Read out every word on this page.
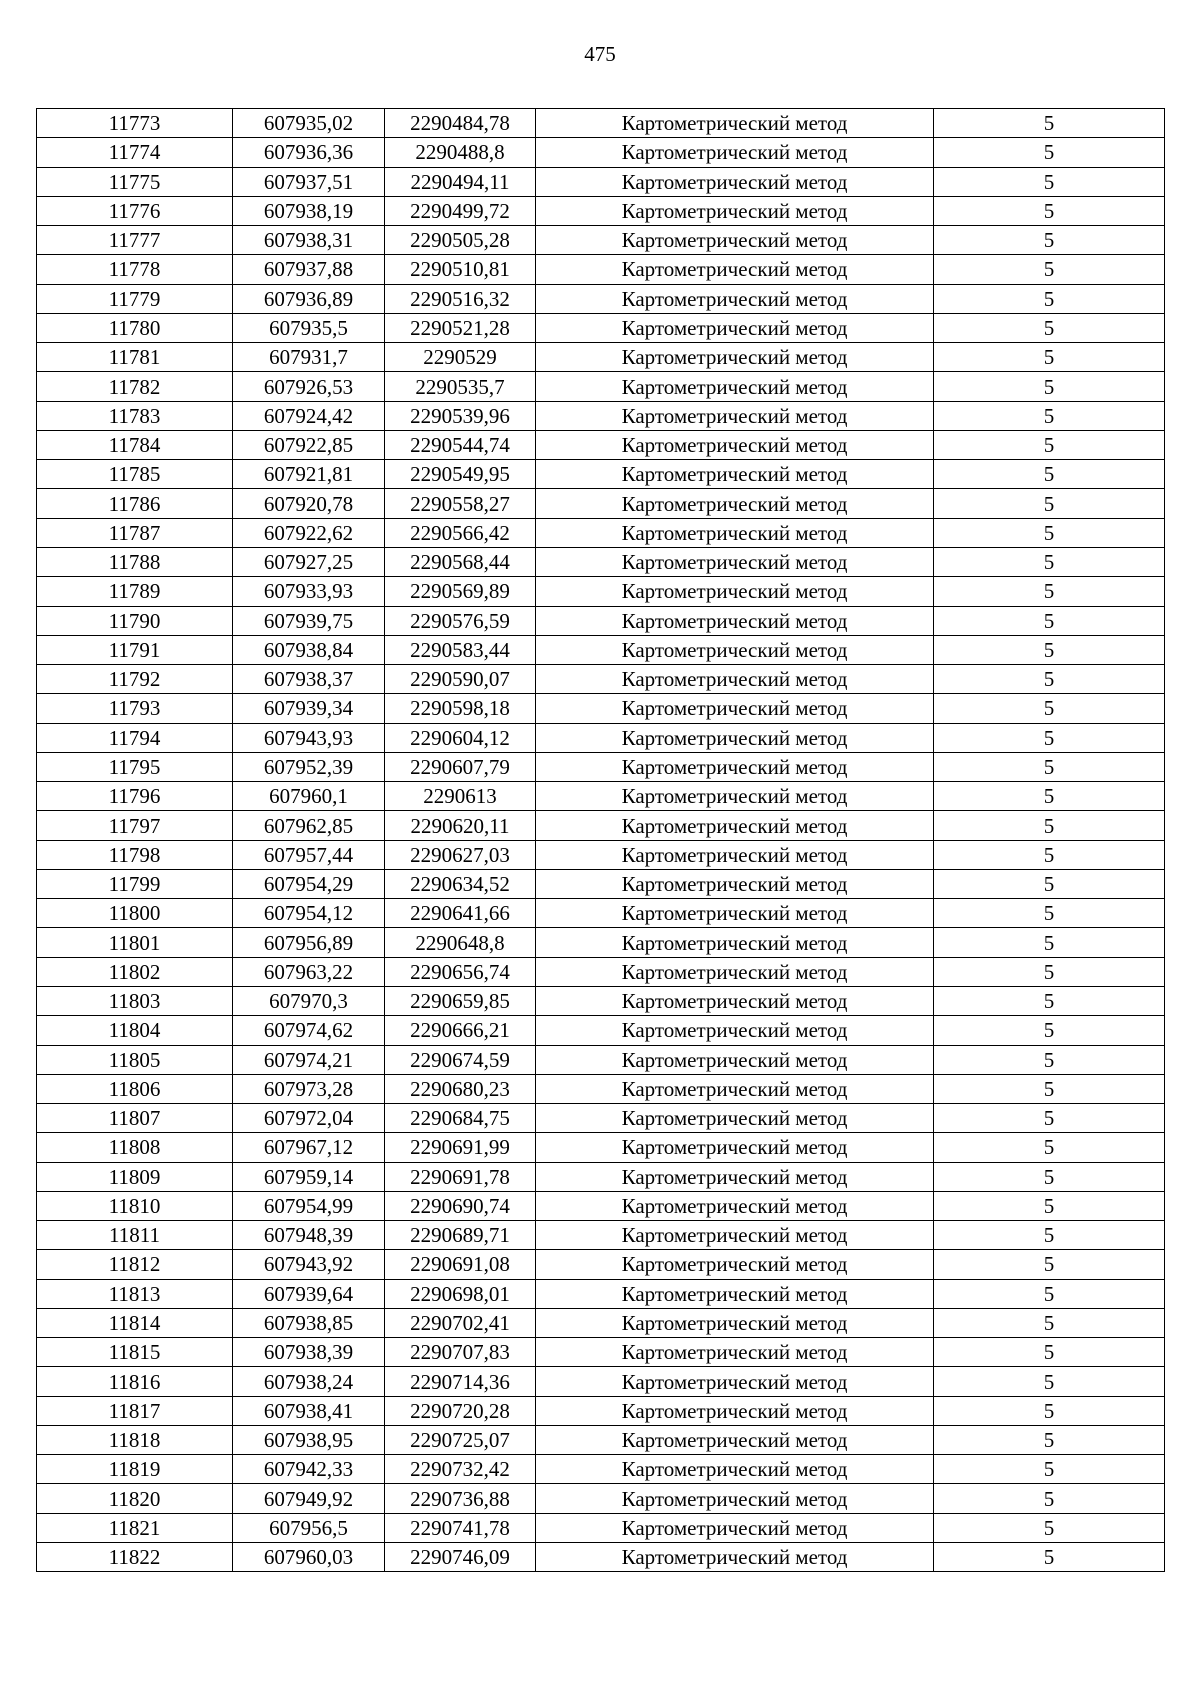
475
11773	607935,02	2290484,78	Картометрический метод	5
11774	607936,36	2290488,8	Картометрический метод	5
11775	607937,51	2290494,11	Картометрический метод	5
11776	607938,19	2290499,72	Картометрический метод	5
11777	607938,31	2290505,28	Картометрический метод	5
11778	607937,88	2290510,81	Картометрический метод	5
11779	607936,89	2290516,32	Картометрический метод	5
11780	607935,5	2290521,28	Картометрический метод	5
11781	607931,7	2290529	Картометрический метод	5
11782	607926,53	2290535,7	Картометрический метод	5
11783	607924,42	2290539,96	Картометрический метод	5
11784	607922,85	2290544,74	Картометрический метод	5
11785	607921,81	2290549,95	Картометрический метод	5
11786	607920,78	2290558,27	Картометрический метод	5
11787	607922,62	2290566,42	Картометрический метод	5
11788	607927,25	2290568,44	Картометрический метод	5
11789	607933,93	2290569,89	Картометрический метод	5
11790	607939,75	2290576,59	Картометрический метод	5
11791	607938,84	2290583,44	Картометрический метод	5
11792	607938,37	2290590,07	Картометрический метод	5
11793	607939,34	2290598,18	Картометрический метод	5
11794	607943,93	2290604,12	Картометрический метод	5
11795	607952,39	2290607,79	Картометрический метод	5
11796	607960,1	2290613	Картометрический метод	5
11797	607962,85	2290620,11	Картометрический метод	5
11798	607957,44	2290627,03	Картометрический метод	5
11799	607954,29	2290634,52	Картометрический метод	5
11800	607954,12	2290641,66	Картометрический метод	5
11801	607956,89	2290648,8	Картометрический метод	5
11802	607963,22	2290656,74	Картометрический метод	5
11803	607970,3	2290659,85	Картометрический метод	5
11804	607974,62	2290666,21	Картометрический метод	5
11805	607974,21	2290674,59	Картометрический метод	5
11806	607973,28	2290680,23	Картометрический метод	5
11807	607972,04	2290684,75	Картометрический метод	5
11808	607967,12	2290691,99	Картометрический метод	5
11809	607959,14	2290691,78	Картометрический метод	5
11810	607954,99	2290690,74	Картометрический метод	5
11811	607948,39	2290689,71	Картометрический метод	5
11812	607943,92	2290691,08	Картометрический метод	5
11813	607939,64	2290698,01	Картометрический метод	5
11814	607938,85	2290702,41	Картометрический метод	5
11815	607938,39	2290707,83	Картометрический метод	5
11816	607938,24	2290714,36	Картометрический метод	5
11817	607938,41	2290720,28	Картометрический метод	5
11818	607938,95	2290725,07	Картометрический метод	5
11819	607942,33	2290732,42	Картометрический метод	5
11820	607949,92	2290736,88	Картометрический метод	5
11821	607956,5	2290741,78	Картометрический метод	5
11822	607960,03	2290746,09	Картометрический метод	5
